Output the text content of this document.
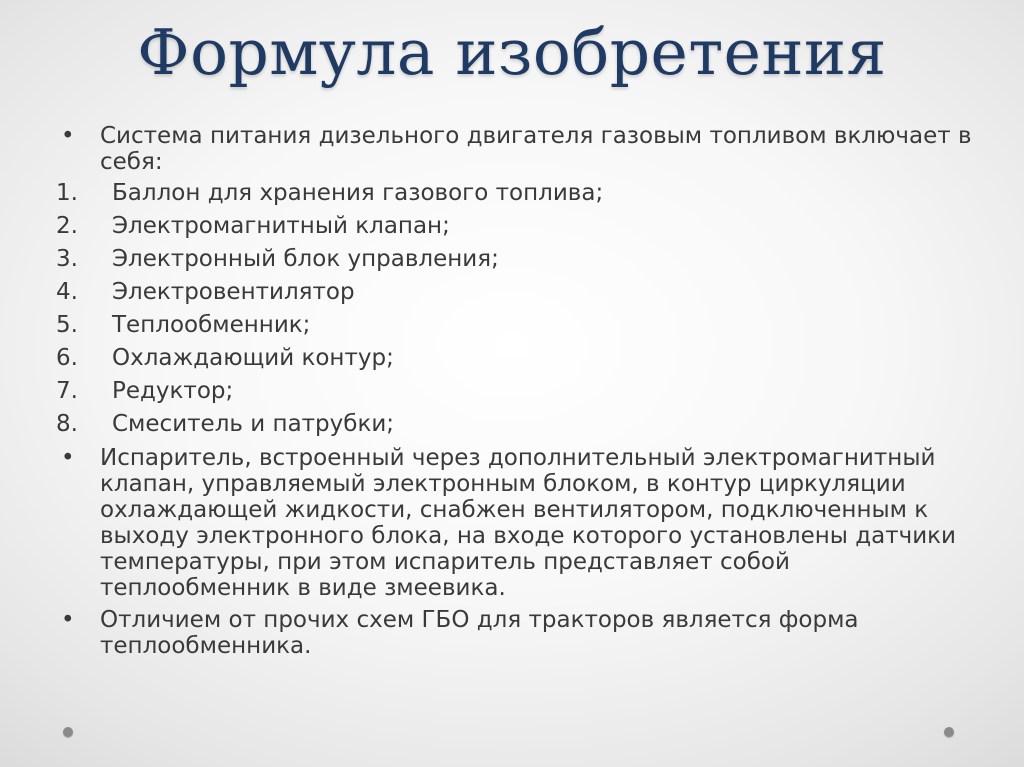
Формула изобретения
•	Система питания дизельного двигателя газовым топливом включает в себя:
1.	Баллон для хранения газового топлива;
2.	Электромагнитный клапан;
3.	Электронный блок управления;
4.	Электровентилятор
5.	Теплообменник;
6.	Охлаждающий контур;
7.	Редуктор;
8.	Смеситель и патрубки;
•	Испаритель, встроенный через дополнительный электромагнитный клапан, управляемый электронным блоком, в контур циркуляции охлаждающей жидкости, снабжен вентилятором, подключенным к выходу электронного блока, на входе которого установлены датчики температуры, при этом испаритель представляет собой теплообменник в виде змеевика.
•	Отличием от прочих схем ГБО для тракторов является форма теплообменника.
